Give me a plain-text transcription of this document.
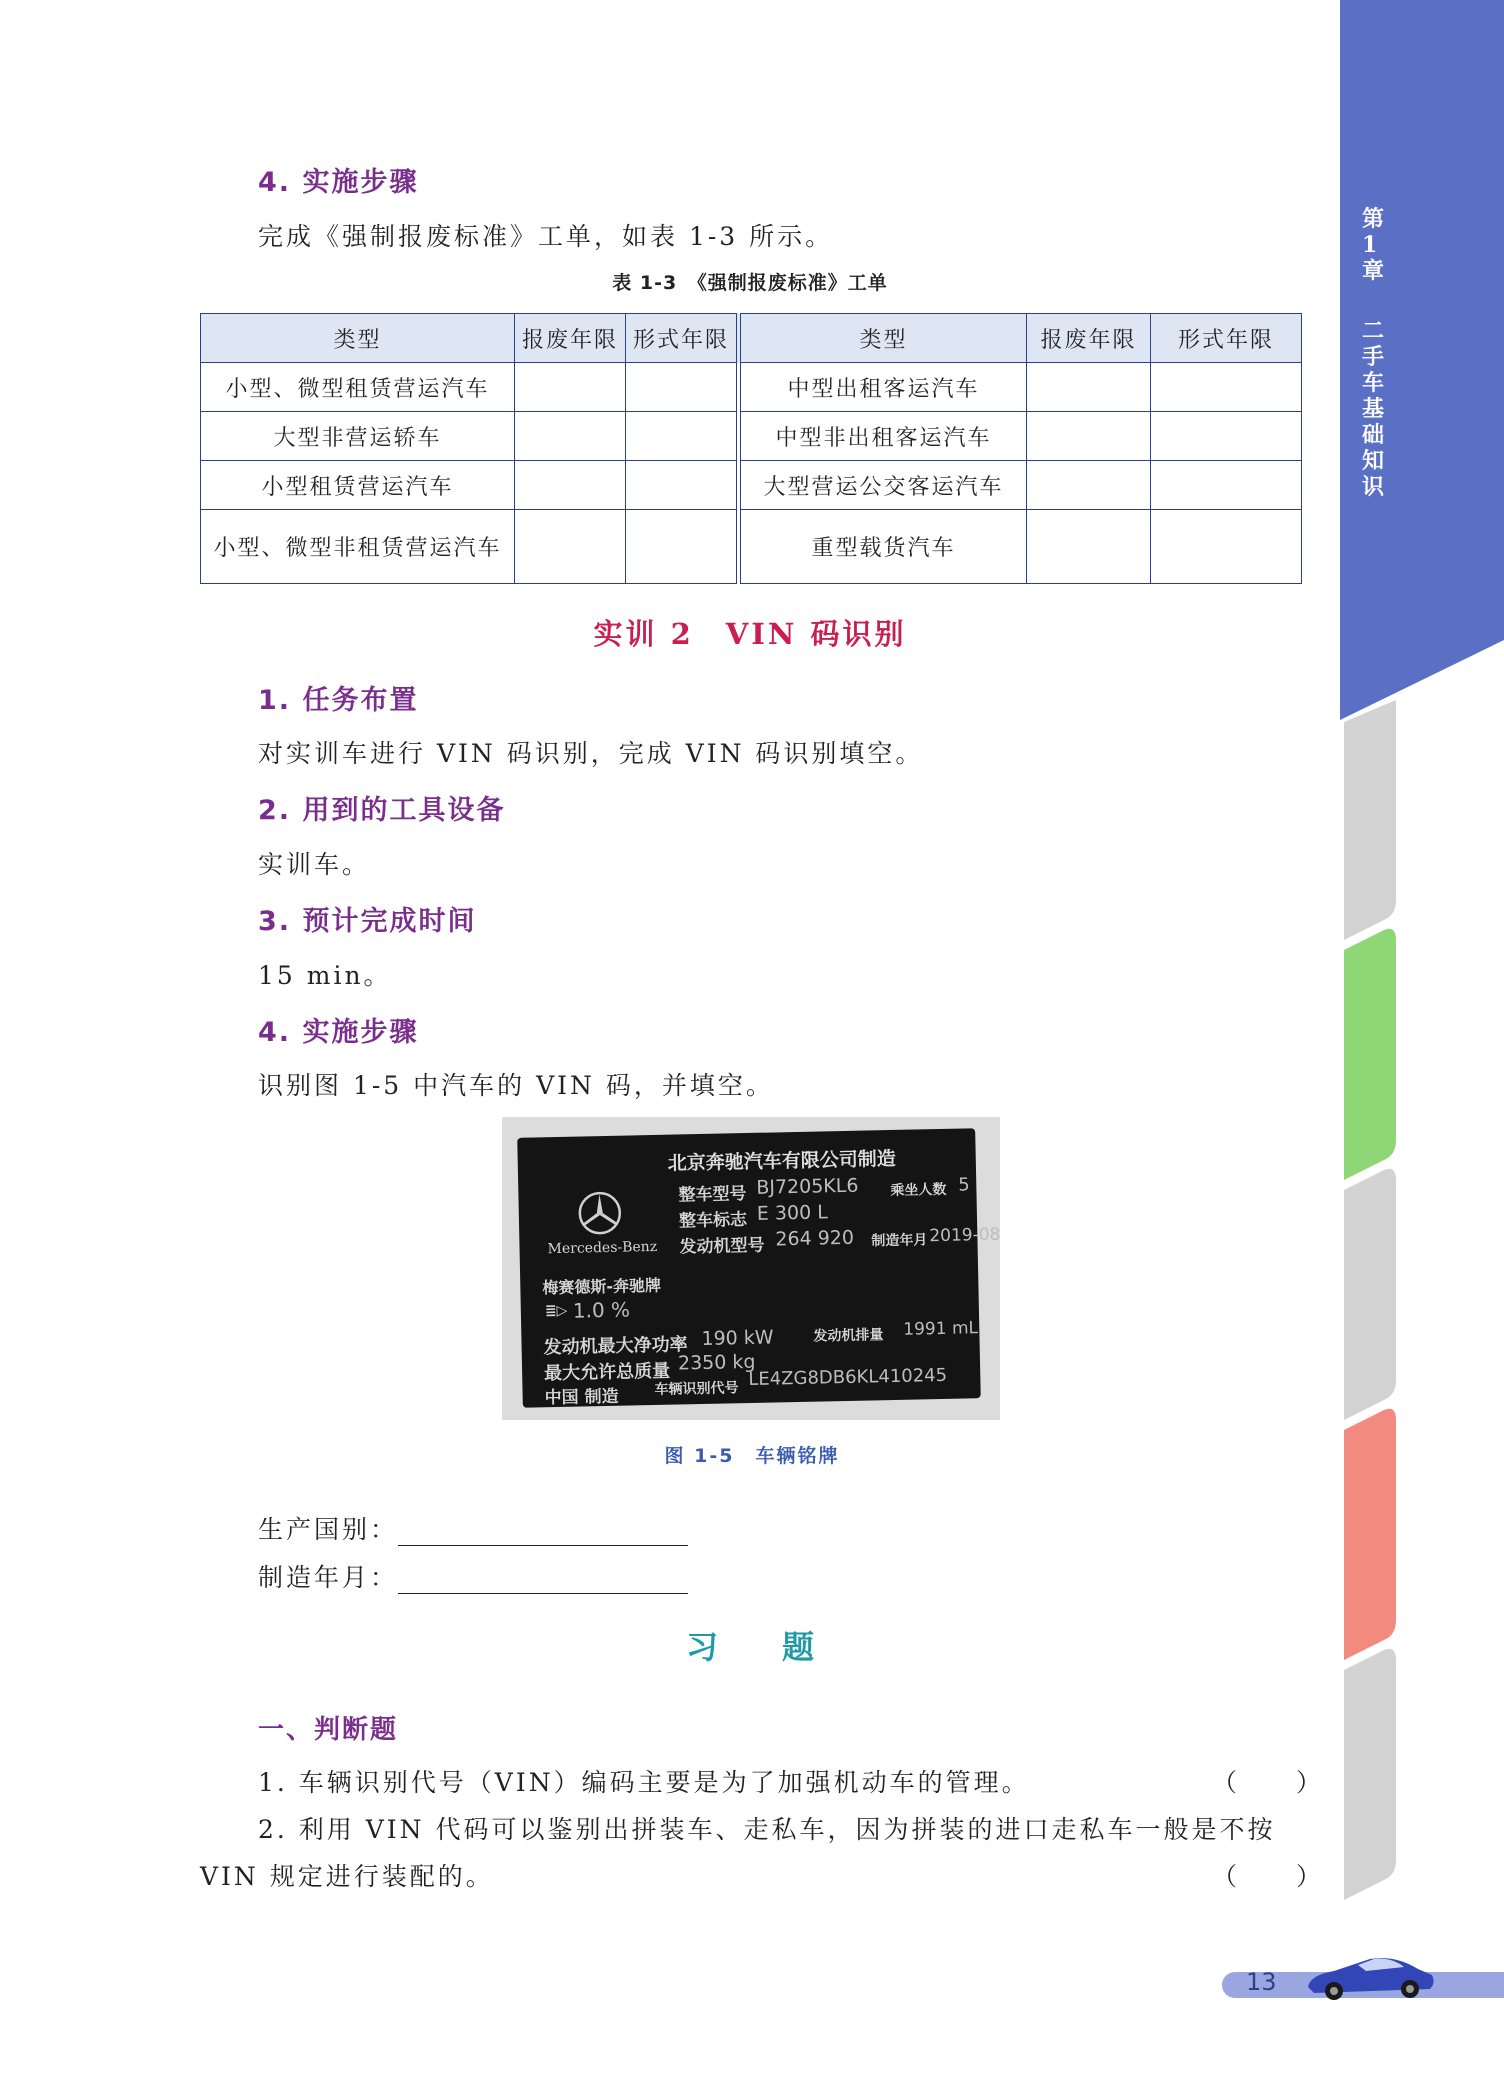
4. 实施步骤
完成《强制报废标准》工单，如表 1-3 所示。
表 1-3　《强制报废标准》工单
类型	报废年限	形式年限		类型	报废年限	形式年限
小型、微型租赁营运汽车				中型出租客运汽车		
大型非营运轿车				中型非出租客运汽车		
小型租赁营运汽车				大型营运公交客运汽车		
小型、微型非租赁营运汽车				重型载货汽车		
实训 2　VIN 码识别
1. 任务布置
对实训车进行 VIN 码识别，完成 VIN 码识别填空。
2. 用到的工具设备
实训车。
3. 预计完成时间
15 min。
4. 实施步骤
识别图 1-5 中汽车的 VIN 码，并填空。
北京奔驰汽车有限公司制造
Mercedes-Benz
梅赛德斯-奔驰牌
整车型号 BJ7205KL6 乘坐人数 5
整车标志 E 300 L
发动机型号 264 920 制造年月 2019-08
≣▷ 1.0 %
发动机最大净功率 190 kW	发动机排量 1991 mL
最大允许总质量 2350 kg
中国 制造	车辆识别代号 LE4ZG8DB6KL410245
图 1-5　车辆铭牌
生产国别：
制造年月：
习　　题
一、判断题
1. 车辆识别代号（VIN）编码主要是为了加强机动车的管理。	（　　）
2. 利用 VIN 代码可以鉴别出拼装车、走私车，因为拼装的进口走私车一般是不按
VIN 规定进行装配的。	（　　）
第1章
二手车基础知识
13
